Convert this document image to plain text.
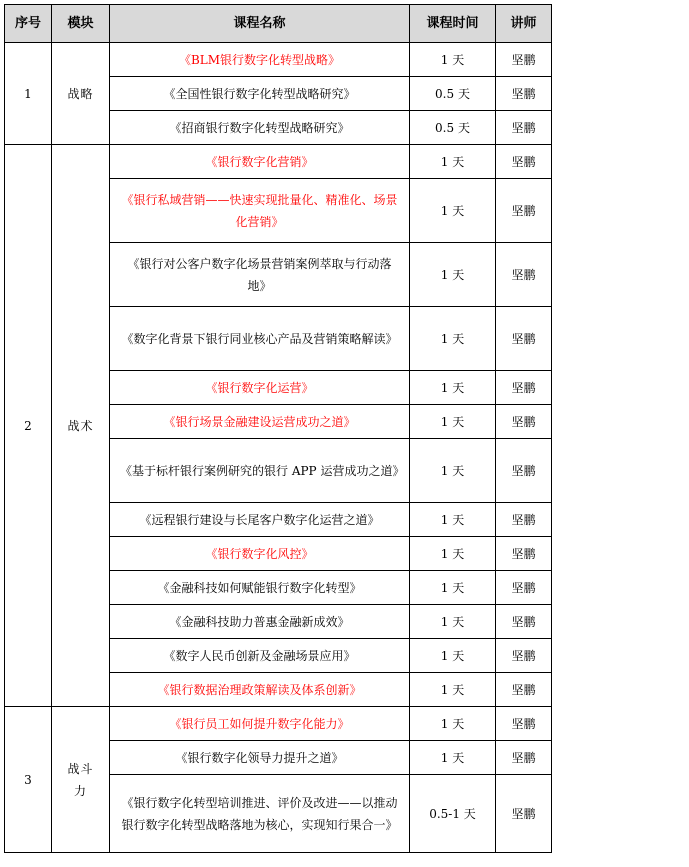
序号	模块	课程名称	课程时间	讲师
1	战略	《BLM银行数字化转型战略》	1 天	坚鹏
		《全国性银行数字化转型战略研究》	0.5 天	坚鹏
		《招商银行数字化转型战略研究》	0.5 天	坚鹏
2	战术	《银行数字化营销》	1 天	坚鹏
		《银行私域营销——快速实现批量化、精准化、场景化营销》	1 天	坚鹏
		《银行对公客户数字化场景营销案例萃取与行动落地》	1 天	坚鹏
		《数字化背景下银行同业核心产品及营销策略解读》	1 天	坚鹏
		《银行数字化运营》	1 天	坚鹏
		《银行场景金融建设运营成功之道》	1 天	坚鹏
		《基于标杆银行案例研究的银行 APP 运营成功之道》	1 天	坚鹏
		《远程银行建设与长尾客户数字化运营之道》	1 天	坚鹏
		《银行数字化风控》	1 天	坚鹏
		《金融科技如何赋能银行数字化转型》	1 天	坚鹏
		《金融科技助力普惠金融新成效》	1 天	坚鹏
		《数字人民币创新及金融场景应用》	1 天	坚鹏
		《银行数据治理政策解读及体系创新》	1 天	坚鹏
3	战斗力	《银行员工如何提升数字化能力》	1 天	坚鹏
		《银行数字化领导力提升之道》	1 天	坚鹏
		《银行数字化转型培训推进、评价及改进——以推动银行数字化转型战略落地为核心，实现知行果合一》	0.5-1 天	坚鹏
